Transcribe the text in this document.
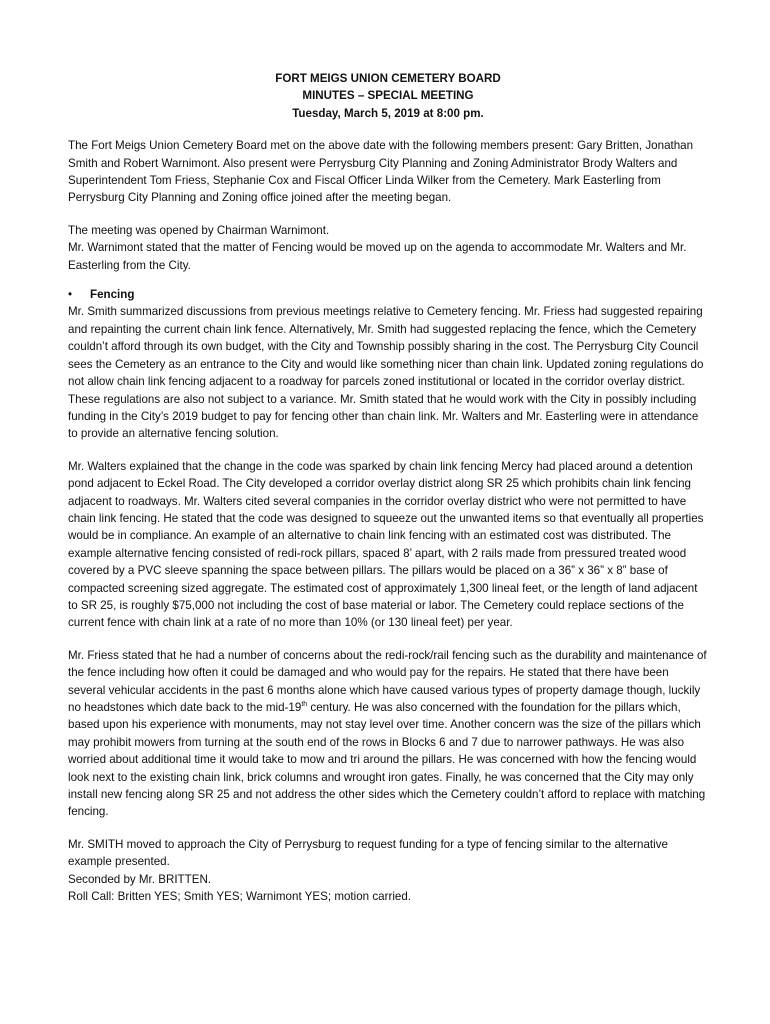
FORT MEIGS UNION CEMETERY BOARD
MINUTES – SPECIAL MEETING
Tuesday, March 5, 2019 at 8:00 pm.

The Fort Meigs Union Cemetery Board met on the above date with the following members present: Gary Britten, Jonathan Smith and Robert Warnimont. Also present were Perrysburg City Planning and Zoning Administrator Brody Walters and Superintendent Tom Friess, Stephanie Cox and Fiscal Officer Linda Wilker from the Cemetery. Mark Easterling from Perrysburg City Planning and Zoning office joined after the meeting began.

The meeting was opened by Chairman Warnimont.

Mr. Warnimont stated that the matter of Fencing would be moved up on the agenda to accommodate Mr. Walters and Mr. Easterling from the City.

•	Fencing

Mr. Smith summarized discussions from previous meetings relative to Cemetery fencing. Mr. Friess had suggested repairing and repainting the current chain link fence. Alternatively, Mr. Smith had suggested replacing the fence, which the Cemetery couldn’t afford through its own budget, with the City and Township possibly sharing in the cost. The Perrysburg City Council sees the Cemetery as an entrance to the City and would like something nicer than chain link. Updated zoning regulations do not allow chain link fencing adjacent to a roadway for parcels zoned institutional or located in the corridor overlay district. These regulations are also not subject to a variance. Mr. Smith stated that he would work with the City in possibly including funding in the City’s 2019 budget to pay for fencing other than chain link. Mr. Walters and Mr. Easterling were in attendance to provide an alternative fencing solution.

Mr. Walters explained that the change in the code was sparked by chain link fencing Mercy had placed around a detention pond adjacent to Eckel Road. The City developed a corridor overlay district along SR 25 which prohibits chain link fencing adjacent to roadways. Mr. Walters cited several companies in the corridor overlay district who were not permitted to have chain link fencing. He stated that the code was designed to squeeze out the unwanted items so that eventually all properties would be in compliance. An example of an alternative to chain link fencing with an estimated cost was distributed. The example alternative fencing consisted of redi-rock pillars, spaced 8’ apart, with 2 rails made from pressured treated wood covered by a PVC sleeve spanning the space between pillars. The pillars would be placed on a 36” x 36” x 8” base of compacted screening sized aggregate. The estimated cost of approximately 1,300 lineal feet, or the length of land adjacent to SR 25, is roughly $75,000 not including the cost of base material or labor. The Cemetery could replace sections of the current fence with chain link at a rate of no more than 10% (or 130 lineal feet) per year.

Mr. Friess stated that he had a number of concerns about the redi-rock/rail fencing such as the durability and maintenance of the fence including how often it could be damaged and who would pay for the repairs. He stated that there have been several vehicular accidents in the past 6 months alone which have caused various types of property damage though, luckily no headstones which date back to the mid-19th century. He was also concerned with the foundation for the pillars which, based upon his experience with monuments, may not stay level over time. Another concern was the size of the pillars which may prohibit mowers from turning at the south end of the rows in Blocks 6 and 7 due to narrower pathways. He was also worried about additional time it would take to mow and tri around the pillars. He was concerned with how the fencing would look next to the existing chain link, brick columns and wrought iron gates. Finally, he was concerned that the City may only install new fencing along SR 25 and not address the other sides which the Cemetery couldn’t afford to replace with matching fencing.

Mr. SMITH moved to approach the City of Perrysburg to request funding for a type of fencing similar to the alternative example presented.

Seconded by Mr. BRITTEN.

Roll Call: Britten YES; Smith YES; Warnimont YES; motion carried.
